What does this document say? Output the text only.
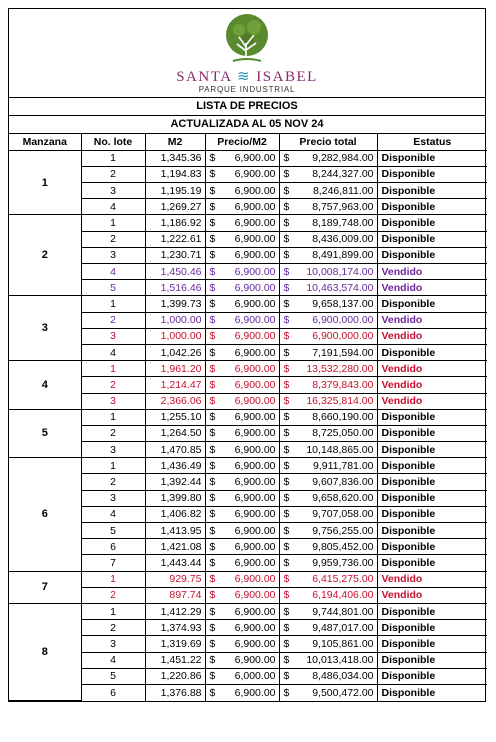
SANTA ≋ ISABEL
PARQUE INDUSTRIAL
LISTA DE PRECIOS
ACTUALIZADA AL 05 NOV 24
Manzana	No. lote	M2	Precio/M2	Precio total	Estatus
1	1	1,345.36	$ 6,900.00	$ 9,282,984.00	Disponible
	2	1,194.83	$ 6,900.00	$ 8,244,327.00	Disponible
	3	1,195.19	$ 6,900.00	$ 8,246,811.00	Disponible
	4	1,269.27	$ 6,900.00	$ 8,757,963.00	Disponible
2	1	1,186.92	$ 6,900.00	$ 8,189,748.00	Disponible
	2	1,222.61	$ 6,900.00	$ 8,436,009.00	Disponible
	3	1,230.71	$ 6,900.00	$ 8,491,899.00	Disponible
	4	1,450.46	$ 6,900.00	$ 10,008,174.00	Vendido
	5	1,516.46	$ 6,900.00	$ 10,463,574.00	Vendido
3	1	1,399.73	$ 6,900.00	$ 9,658,137.00	Disponible
	2	1,000.00	$ 6,900.00	$ 6,900,000.00	Vendido
	3	1,000.00	$ 6,900.00	$ 6,900,000.00	Vendido
	4	1,042.26	$ 6,900.00	$ 7,191,594.00	Disponible
4	1	1,961.20	$ 6,900.00	$ 13,532,280.00	Vendido
	2	1,214.47	$ 6,900.00	$ 8,379,843.00	Vendido
	3	2,366.06	$ 6,900.00	$ 16,325,814.00	Vendido
5	1	1,255.10	$ 6,900.00	$ 8,660,190.00	Disponible
	2	1,264.50	$ 6,900.00	$ 8,725,050.00	Disponible
	3	1,470.85	$ 6,900.00	$ 10,148,865.00	Disponible
6	1	1,436.49	$ 6,900.00	$ 9,911,781.00	Disponible
	2	1,392.44	$ 6,900.00	$ 9,607,836.00	Disponible
	3	1,399.80	$ 6,900.00	$ 9,658,620.00	Disponible
	4	1,406.82	$ 6,900.00	$ 9,707,058.00	Disponible
	5	1,413.95	$ 6,900.00	$ 9,756,255.00	Disponible
	6	1,421.08	$ 6,900.00	$ 9,805,452.00	Disponible
	7	1,443.44	$ 6,900.00	$ 9,959,736.00	Disponible
7	1	929.75	$ 6,900.00	$ 6,415,275.00	Vendido
	2	897.74	$ 6,900.00	$ 6,194,406.00	Vendido
8	1	1,412.29	$ 6,900.00	$ 9,744,801.00	Disponible
	2	1,374.93	$ 6,900.00	$ 9,487,017.00	Disponible
	3	1,319.69	$ 6,900.00	$ 9,105,861.00	Disponible
	4	1,451.22	$ 6,900.00	$ 10,013,418.00	Disponible
	5	1,220.86	$ 6,000.00	$ 8,486,034.00	Disponible
	6	1,376.88	$ 6,900.00	$ 9,500,472.00	Disponible
